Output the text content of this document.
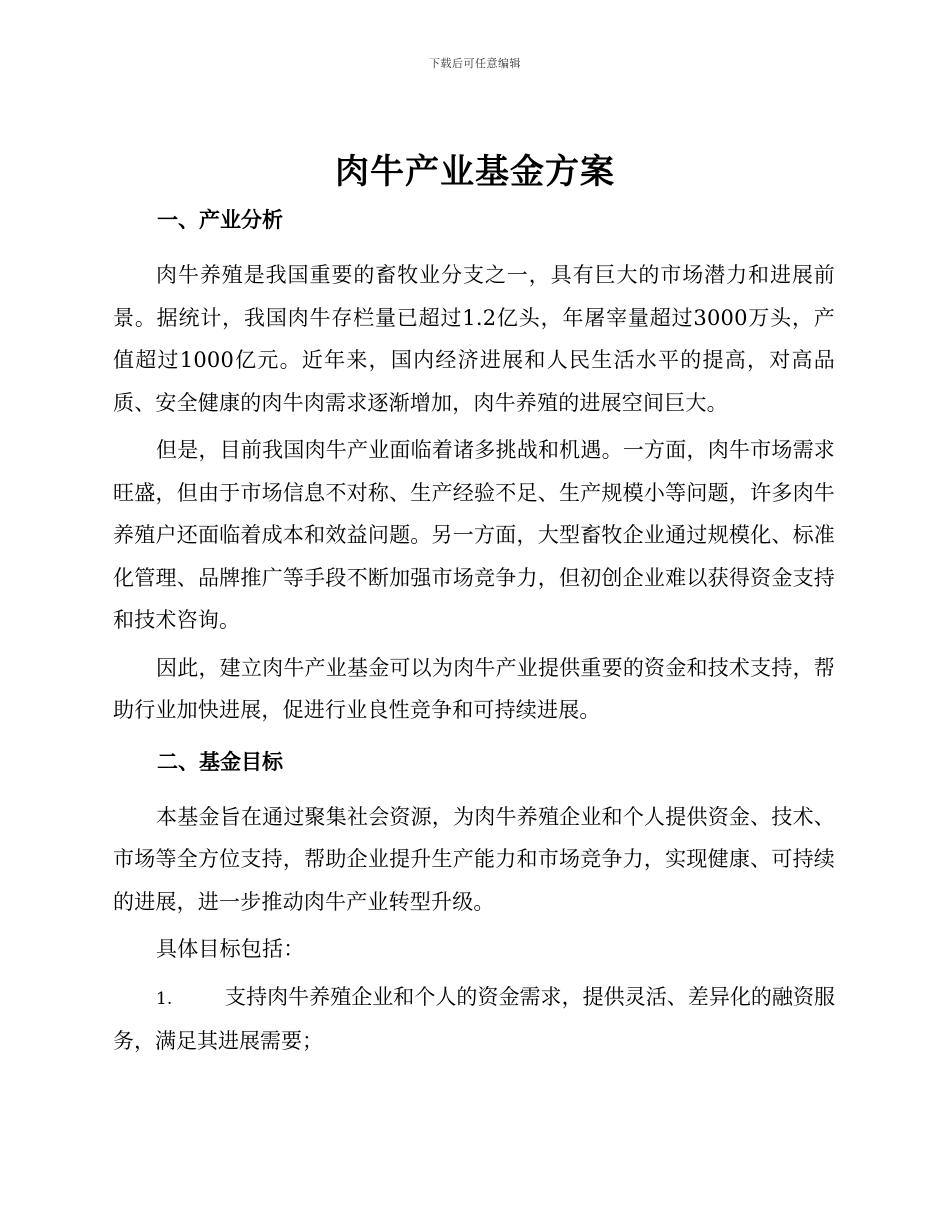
下载后可任意编辑
肉牛产业基金方案
一、产业分析

肉牛养殖是我国重要的畜牧业分支之一，具有巨大的市场潜力和进展前景。据统计，我国肉牛存栏量已超过1.2亿头，年屠宰量超过3000万头，产值超过1000亿元。近年来，国内经济进展和人民生活水平的提高，对高品质、安全健康的肉牛肉需求逐渐增加，肉牛养殖的进展空间巨大。

但是，目前我国肉牛产业面临着诸多挑战和机遇。一方面，肉牛市场需求旺盛，但由于市场信息不对称、生产经验不足、生产规模小等问题，许多肉牛养殖户还面临着成本和效益问题。另一方面，大型畜牧企业通过规模化、标准化管理、品牌推广等手段不断加强市场竞争力，但初创企业难以获得资金支持和技术咨询。

因此，建立肉牛产业基金可以为肉牛产业提供重要的资金和技术支持，帮助行业加快进展，促进行业良性竞争和可持续进展。

二、基金目标

本基金旨在通过聚集社会资源，为肉牛养殖企业和个人提供资金、技术、市场等全方位支持，帮助企业提升生产能力和市场竞争力，实现健康、可持续的进展，进一步推动肉牛产业转型升级。

具体目标包括：

1.	支持肉牛养殖企业和个人的资金需求，提供灵活、差异化的融资服务，满足其进展需要；
